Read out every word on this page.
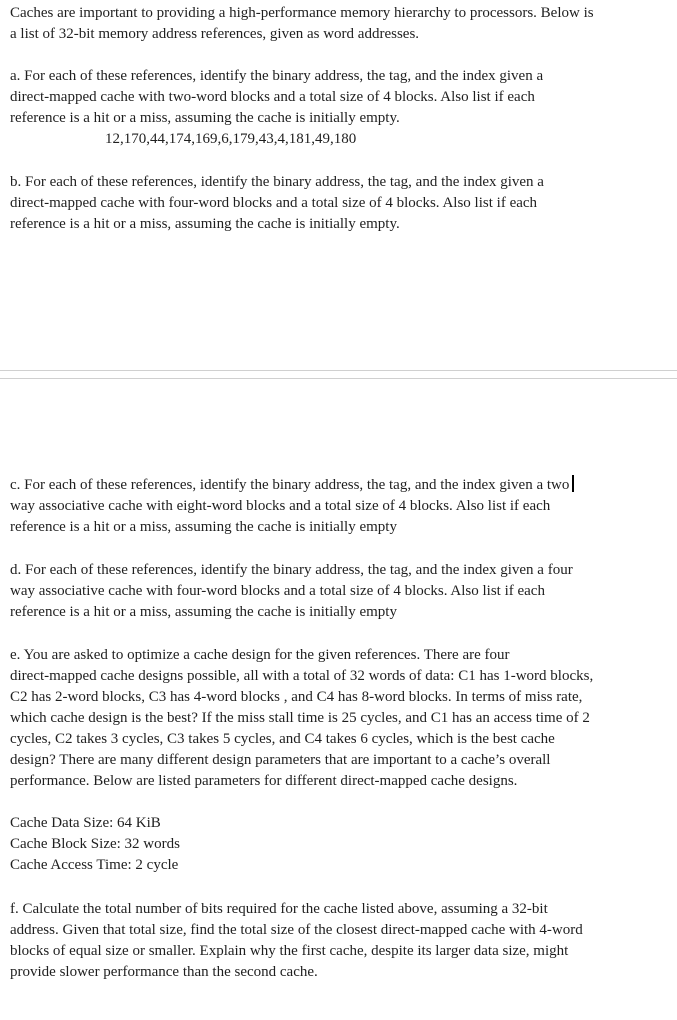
Caches are important to providing a high-performance memory hierarchy to processors. Below is

a list of 32-bit memory address references, given as word addresses.

a. For each of these references, identify the binary address, the tag, and the index given a

direct-mapped cache with two-word blocks and a total size of 4 blocks. Also list if each

reference is a hit or a miss, assuming the cache is initially empty.

12,170,44,174,169,6,179,43,4,181,49,180

b. For each of these references, identify the binary address, the tag, and the index given a

direct-mapped cache with four-word blocks and a total size of 4 blocks. Also list if each

reference is a hit or a miss, assuming the cache is initially empty.

c. For each of these references, identify the binary address, the tag, and the index given a two

way associative cache with eight-word blocks and a total size of 4 blocks. Also list if each

reference is a hit or a miss, assuming the cache is initially empty

d. For each of these references, identify the binary address, the tag, and the index given a four

way associative cache with four-word blocks and a total size of 4 blocks. Also list if each

reference is a hit or a miss, assuming the cache is initially empty

e. You are asked to optimize a cache design for the given references. There are four

direct-mapped cache designs possible, all with a total of 32 words of data: C1 has 1-word blocks,

C2 has 2-word blocks, C3 has 4-word blocks , and C4 has 8-word blocks. In terms of miss rate,

which cache design is the best? If the miss stall time is 25 cycles, and C1 has an access time of 2

cycles, C2 takes 3 cycles, C3 takes 5 cycles, and C4 takes 6 cycles, which is the best cache

design? There are many different design parameters that are important to a cache’s overall

performance. Below are listed parameters for different direct-mapped cache designs.

Cache Data Size: 64 KiB

Cache Block Size: 32 words

Cache Access Time: 2 cycle

f. Calculate the total number of bits required for the cache listed above, assuming a 32-bit

address. Given that total size, find the total size of the closest direct-mapped cache with 4-word

blocks of equal size or smaller. Explain why the first cache, despite its larger data size, might

provide slower performance than the second cache.
